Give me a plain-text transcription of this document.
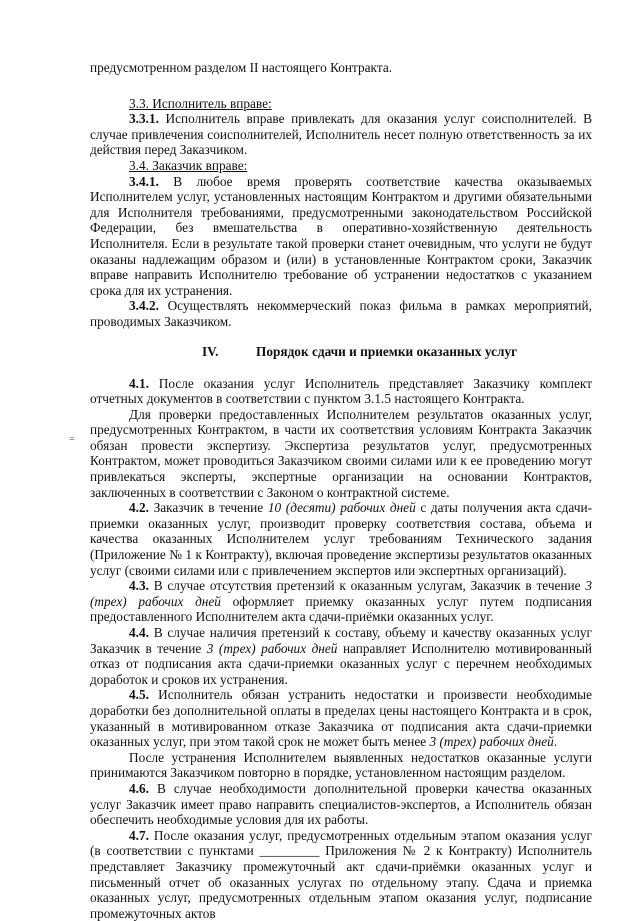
предусмотренном разделом II настоящего Контракта.

3.3. Исполнитель вправе:

3.3.1. Исполнитель вправе привлекать для оказания услуг соисполнителей. В случае привлечения соисполнителей, Исполнитель несет полную ответственность за их действия перед Заказчиком.

3.4. Заказчик вправе:

3.4.1. В любое время проверять соответствие качества оказываемых Исполнителем услуг, установленных настоящим Контрактом и другими обязательными для Исполнителя требованиями, предусмотренными законодательством Российской Федерации, без вмешательства в оперативно-хозяйственную деятельность Исполнителя. Если в результате такой проверки станет очевидным, что услуги не будут оказаны надлежащим образом и (или) в установленные Контрактом сроки, Заказчик вправе направить Исполнителю требование об устранении недостатков с указанием срока для их устранения.

3.4.2. Осуществлять некоммерческий показ фильма в рамках мероприятий, проводимых Заказчиком.

IV.	Порядок сдачи и приемки оказанных услуг

4.1. После оказания услуг Исполнитель представляет Заказчику комплект отчетных документов в соответствии с пунктом 3.1.5 настоящего Контракта.

Для проверки предоставленных Исполнителем результатов оказанных услуг, предусмотренных Контрактом, в части их соответствия условиям Контракта Заказчик обязан провести экспертизу. Экспертиза результатов услуг, предусмотренных Контрактом, может проводиться Заказчиком своими силами или к ее проведению могут привлекаться эксперты, экспертные организации на основании Контрактов, заключенных в соответствии с Законом о контрактной системе.

4.2. Заказчик в течение 10 (десяти) рабочих дней с даты получения акта сдачи-приемки оказанных услуг, производит проверку соответствия состава, объема и качества оказанных Исполнителем услуг требованиям Технического задания (Приложение № 1 к Контракту), включая проведение экспертизы результатов оказанных услуг (своими силами или с привлечением экспертов или экспертных организаций).

4.3. В случае отсутствия претензий к оказанным услугам, Заказчик в течение 3 (трех) рабочих дней оформляет приемку оказанных услуг путем подписания предоставленного Исполнителем акта сдачи-приёмки оказанных услуг.

4.4. В случае наличия претензий к составу, объему и качеству оказанных услуг Заказчик в течение 3 (трех) рабочих дней направляет Исполнителю мотивированный отказ от подписания акта сдачи-приемки оказанных услуг с перечнем необходимых доработок и сроков их устранения.

4.5. Исполнитель обязан устранить недостатки и произвести необходимые доработки без дополнительной оплаты в пределах цены настоящего Контракта и в срок, указанный в мотивированном отказе Заказчика от подписания акта сдачи-приемки оказанных услуг, при этом такой срок не может быть менее 3 (трех) рабочих дней.

После устранения Исполнителем выявленных недостатков оказанные услуги принимаются Заказчиком повторно в порядке, установленном настоящим разделом.

4.6. В случае необходимости дополнительной проверки качества оказанных услуг Заказчик имеет право направить специалистов-экспертов, а Исполнитель обязан обеспечить необходимые условия для их работы.

4.7. После оказания услуг, предусмотренных отдельным этапом оказания услуг (в соответствии с пунктами _________ Приложения № 2 к Контракту) Исполнитель представляет Заказчику промежуточный акт сдачи-приёмки оказанных услуг и письменный отчет об оказанных услугах по отдельному этапу. Сдача и приемка оказанных услуг, предусмотренных отдельным этапом оказания услуг, подписание промежуточных актов

=
